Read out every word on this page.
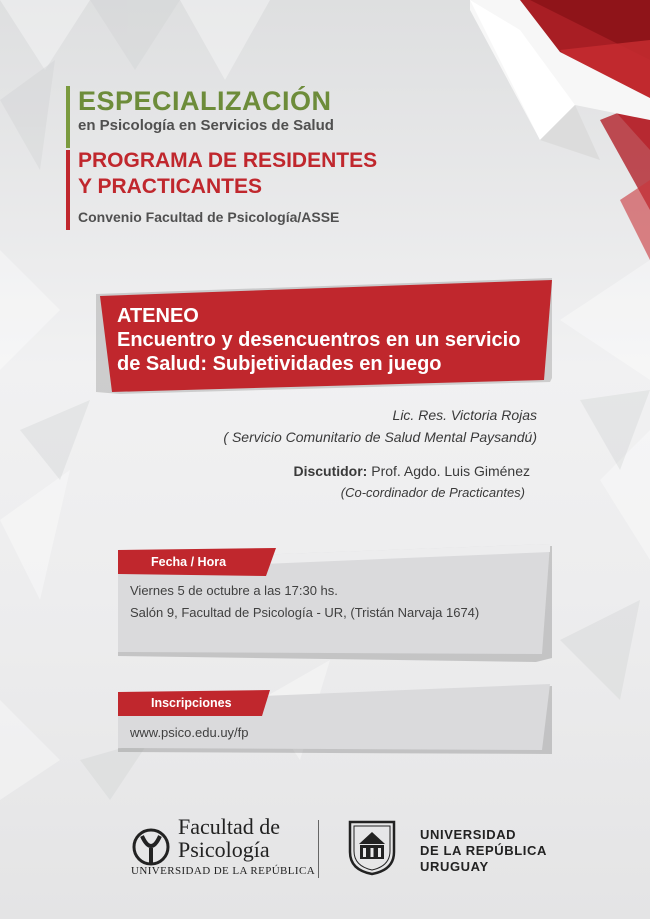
ESPECIALIZACIÓN
en Psicología en Servicios de Salud
PROGRAMA DE RESIDENTES
Y PRACTICANTES
Convenio Facultad de Psicología/ASSE
ATENEO
Encuentro y desencuentros en un servicio
de Salud: Subjetividades en juego
Lic. Res. Victoria Rojas
( Servicio Comunitario de Salud Mental Paysandú)
Discutidor: Prof. Agdo. Luis Giménez
(Co-cordinador de Practicantes)
Fecha / Hora
Viernes 5 de octubre a las 17:30 hs.
Salón 9, Facultad de Psicología - UR, (Tristán Narvaja 1674)
Inscripciones
www.psico.edu.uy/fp
Facultad de
Psicología
UNIVERSIDAD DE LA REPÚBLICA
UNIVERSIDAD
DE LA REPÚBLICA
URUGUAY
